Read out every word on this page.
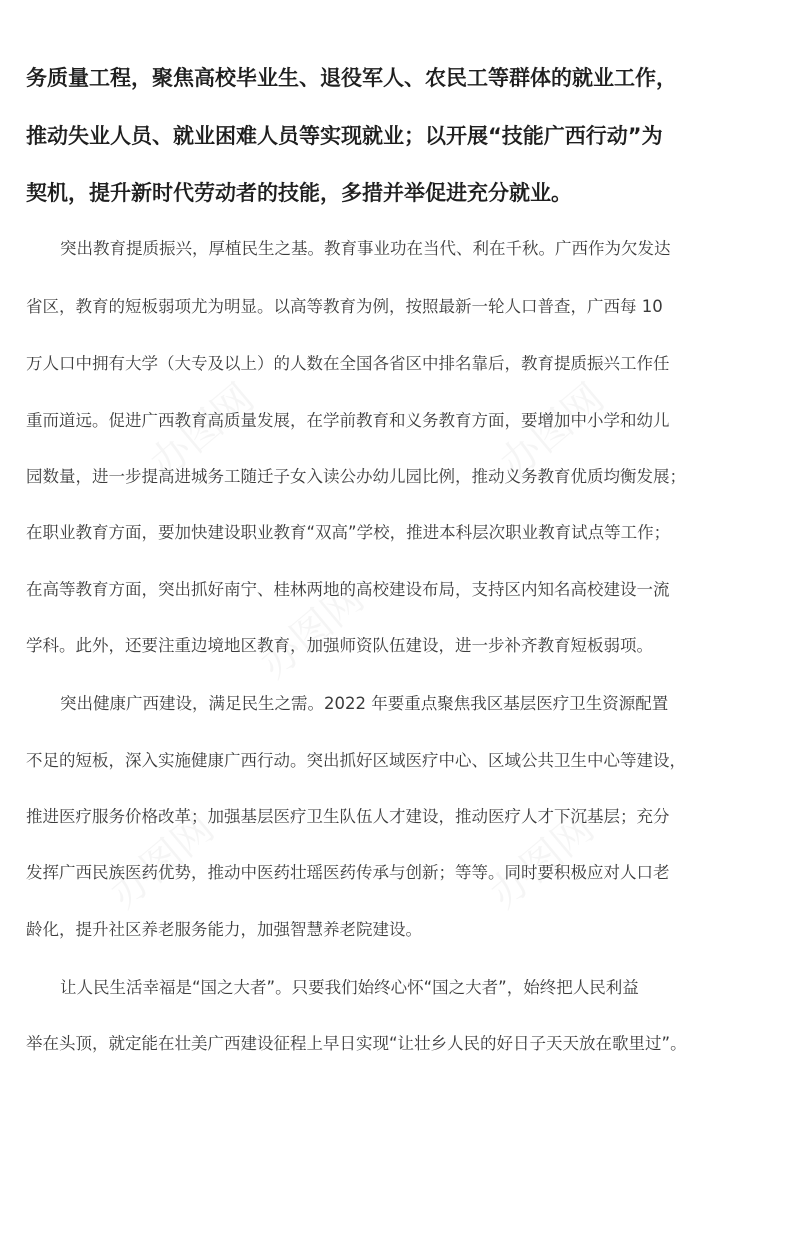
办图网	办图网
办图网
办图网	办图网
务质量工程，聚焦高校毕业生、退役军人、农民工等群体的就业工作，
推动失业人员、就业困难人员等实现就业；以开展“技能广西行动”为
契机，提升新时代劳动者的技能，多措并举促进充分就业。
突出教育提质振兴，厚植民生之基。教育事业功在当代、利在千秋。广西作为欠发达
省区，教育的短板弱项尤为明显。以高等教育为例，按照最新一轮人口普查，广西每 10
万人口中拥有大学（大专及以上）的人数在全国各省区中排名靠后，教育提质振兴工作任
重而道远。促进广西教育高质量发展，在学前教育和义务教育方面，要增加中小学和幼儿
园数量，进一步提高进城务工随迁子女入读公办幼儿园比例，推动义务教育优质均衡发展；
在职业教育方面，要加快建设职业教育“双高”学校，推进本科层次职业教育试点等工作；
在高等教育方面，突出抓好南宁、桂林两地的高校建设布局，支持区内知名高校建设一流
学科。此外，还要注重边境地区教育，加强师资队伍建设，进一步补齐教育短板弱项。
突出健康广西建设，满足民生之需。2022 年要重点聚焦我区基层医疗卫生资源配置
不足的短板，深入实施健康广西行动。突出抓好区域医疗中心、区域公共卫生中心等建设，
推进医疗服务价格改革；加强基层医疗卫生队伍人才建设，推动医疗人才下沉基层；充分
发挥广西民族医药优势，推动中医药壮瑶医药传承与创新；等等。同时要积极应对人口老
龄化，提升社区养老服务能力，加强智慧养老院建设。
让人民生活幸福是“国之大者”。只要我们始终心怀“国之大者”，始终把人民利益
举在头顶，就定能在壮美广西建设征程上早日实现“让壮乡人民的好日子天天放在歌里过”。
